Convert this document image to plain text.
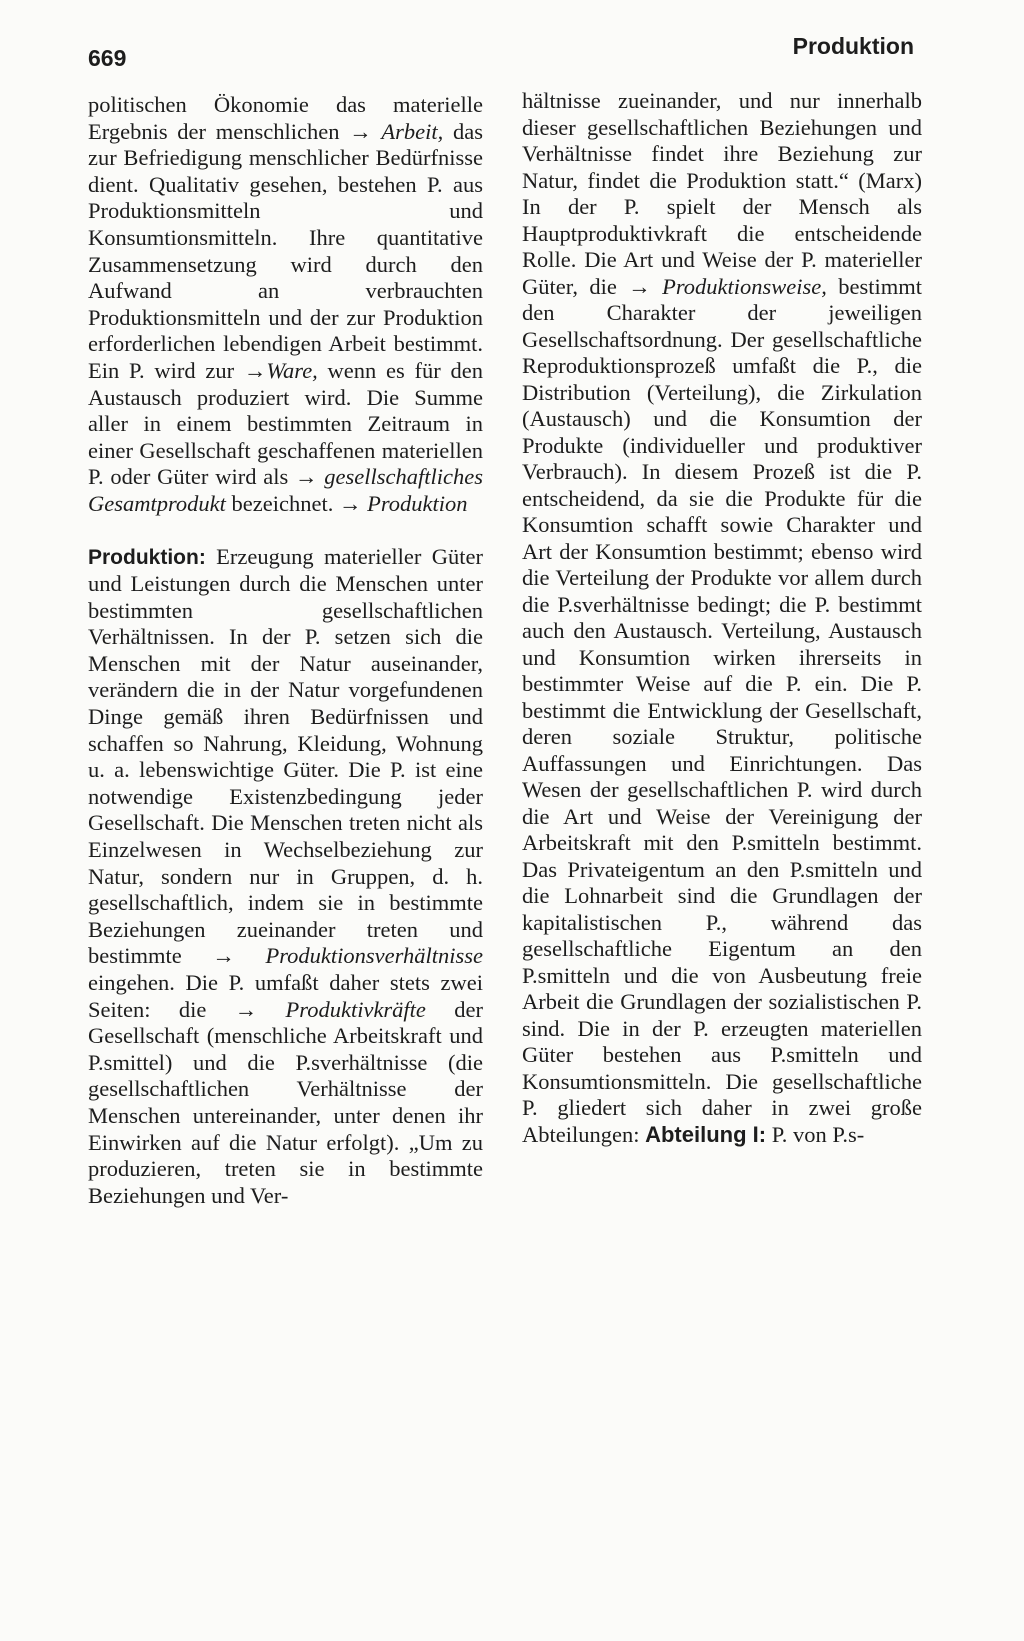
669	Produktion

politischen Ökonomie das materielle Ergebnis der menschlichen → Arbeit, das zur Befriedigung menschlicher Bedürfnisse dient. Qualitativ gesehen, bestehen P. aus Produktionsmitteln und Konsumtionsmitteln. Ihre quantitative Zusammensetzung wird durch den Aufwand an verbrauchten Produktionsmitteln und der zur Produktion erforderlichen lebendigen Arbeit bestimmt. Ein P. wird zur →Ware, wenn es für den Austausch produziert wird. Die Summe aller in einem bestimmten Zeitraum in einer Gesellschaft geschaffenen materiellen P. oder Güter wird als → gesellschaftliches Gesamtprodukt bezeichnet. → Produktion

Produktion: Erzeugung materieller Güter und Leistungen durch die Menschen unter bestimmten gesellschaftlichen Verhältnissen. In der P. setzen sich die Menschen mit der Natur auseinander, verändern die in der Natur vorgefundenen Dinge gemäß ihren Bedürfnissen und schaffen so Nahrung, Kleidung, Wohnung u. a. lebenswichtige Güter. Die P. ist eine notwendige Existenzbedingung jeder Gesellschaft. Die Menschen treten nicht als Einzelwesen in Wechselbeziehung zur Natur, sondern nur in Gruppen, d. h. gesellschaftlich, indem sie in bestimmte Beziehungen zueinander treten und bestimmte → Produktionsverhältnisse eingehen. Die P. umfaßt daher stets zwei Seiten: die → Produktivkräfte der Gesellschaft (menschliche Arbeitskraft und P.smittel) und die P.sverhältnisse (die gesellschaftlichen Verhältnisse der Menschen untereinander, unter denen ihr Einwirken auf die Natur erfolgt). „Um zu produzieren, treten sie in bestimmte Beziehungen und Ver-

hältnisse zueinander, und nur innerhalb dieser gesellschaftlichen Beziehungen und Verhältnisse findet ihre Beziehung zur Natur, findet die Produktion statt.“ (Marx) In der P. spielt der Mensch als Hauptproduktivkraft die entscheidende Rolle. Die Art und Weise der P. materieller Güter, die → Produktionsweise, bestimmt den Charakter der jeweiligen Gesellschaftsordnung. Der gesellschaftliche Reproduktionsprozeß umfaßt die P., die Distribution (Verteilung), die Zirkulation (Austausch) und die Konsumtion der Produkte (individueller und produktiver Verbrauch). In diesem Prozeß ist die P. entscheidend, da sie die Produkte für die Konsumtion schafft sowie Charakter und Art der Konsumtion bestimmt; ebenso wird die Verteilung der Produkte vor allem durch die P.sverhältnisse bedingt; die P. bestimmt auch den Austausch. Verteilung, Austausch und Konsumtion wirken ihrerseits in bestimmter Weise auf die P. ein. Die P. bestimmt die Entwicklung der Gesellschaft, deren soziale Struktur, politische Auffassungen und Einrichtungen. Das Wesen der gesellschaftlichen P. wird durch die Art und Weise der Vereinigung der Arbeitskraft mit den P.smitteln bestimmt. Das Privateigentum an den P.smitteln und die Lohnarbeit sind die Grundlagen der kapitalistischen P., während das gesellschaftliche Eigentum an den P.smitteln und die von Ausbeutung freie Arbeit die Grundlagen der sozialistischen P. sind. Die in der P. erzeugten materiellen Güter bestehen aus P.smitteln und Konsumtionsmitteln. Die gesellschaftliche P. gliedert sich daher in zwei große Abteilungen: Abteilung I: P. von P.s-
